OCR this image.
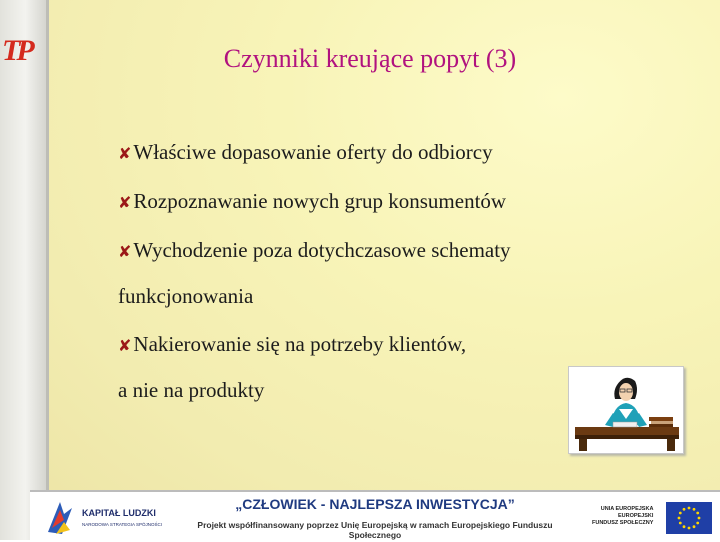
TP	Czynniki kreujące popyt (3)
✘ Właściwe dopasowanie oferty do odbiorcy
✘ Rozpoznawanie nowych grup konsumentów
✘ Wychodzenie poza dotychczasowe schematy
funkcjonowania
✘ Nakierowanie się na potrzeby klientów,
a nie na produkty
KAPITAŁ LUDZKI
NARODOWA STRATEGIA SPÓJNOŚCI
„CZŁOWIEK - NAJLEPSZA INWESTYCJA”
Projekt współfinansowany poprzez Unię Europejską w ramach Europejskiego Funduszu Społecznego
UNIA EUROPEJSKA
EUROPEJSKI
FUNDUSZ SPOŁECZNY
